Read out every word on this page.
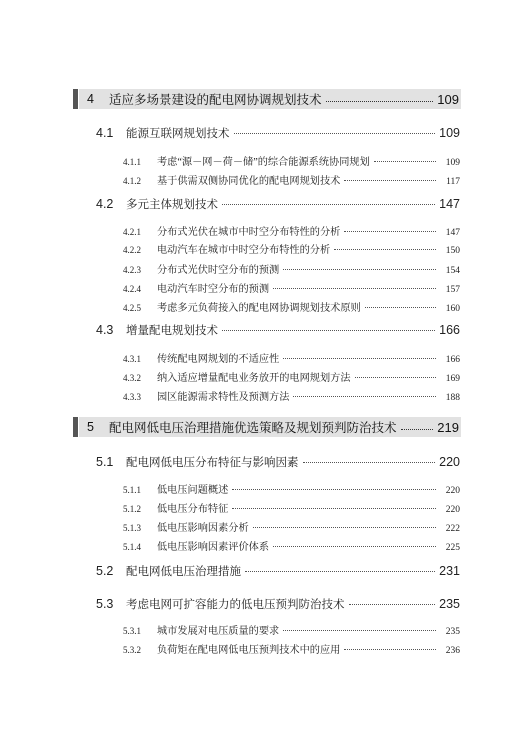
4	适应多场景建设的配电网协调规划技术	109
4.1	能源互联网规划技术	109
4.1.1	考虑“源－网－荷－储”的综合能源系统协同规划	109
4.1.2	基于供需双侧协同优化的配电网规划技术	117
4.2	多元主体规划技术	147
4.2.1	分布式光伏在城市中时空分布特性的分析	147
4.2.2	电动汽车在城市中时空分布特性的分析	150
4.2.3	分布式光伏时空分布的预测	154
4.2.4	电动汽车时空分布的预测	157
4.2.5	考虑多元负荷接入的配电网协调规划技术原则	160
4.3	增量配电规划技术	166
4.3.1	传统配电网规划的不适应性	166
4.3.2	纳入适应增量配电业务放开的电网规划方法	169
4.3.3	园区能源需求特性及预测方法	188
5	配电网低电压治理措施优选策略及规划预判防治技术	219
5.1	配电网低电压分布特征与影响因素	220
5.1.1	低电压问题概述	220
5.1.2	低电压分布特征	220
5.1.3	低电压影响因素分析	222
5.1.4	低电压影响因素评价体系	225
5.2	配电网低电压治理措施	231
5.3	考虑电网可扩容能力的低电压预判防治技术	235
5.3.1	城市发展对电压质量的要求	235
5.3.2	负荷矩在配电网低电压预判技术中的应用	236
